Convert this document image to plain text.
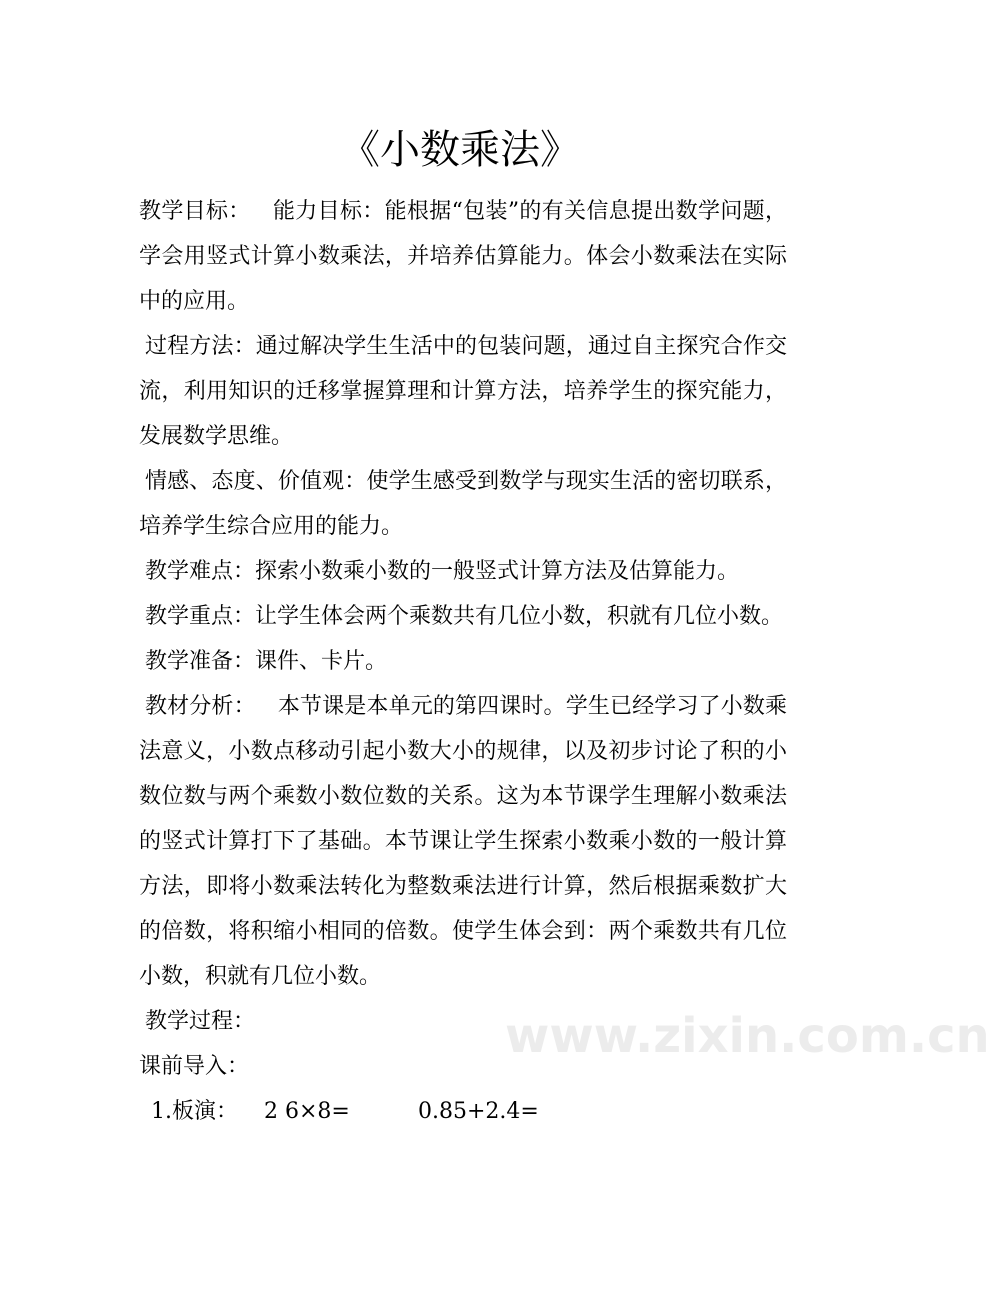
《小数乘法》

教学目标： 能力目标：能根据“包装”的有关信息提出数学问题，学会用竖式计算小数乘法，并培养估算能力。体会小数乘法在实际中的应用。

过程方法：通过解决学生生活中的包装问题，通过自主探究合作交流，利用知识的迁移掌握算理和计算方法，培养学生的探究能力，发展数学思维。

情感、态度、价值观：使学生感受到数学与现实生活的密切联系，培养学生综合应用的能力。

教学难点：探索小数乘小数的一般竖式计算方法及估算能力。

教学重点：让学生体会两个乘数共有几位小数，积就有几位小数。

教学准备：课件、卡片。

教材分析： 本节课是本单元的第四课时。学生已经学习了小数乘法意义，小数点移动引起小数大小的规律，以及初步讨论了积的小数位数与两个乘数小数位数的关系。这为本节课学生理解小数乘法的竖式计算打下了基础。本节课让学生探索小数乘小数的一般计算方法，即将小数乘法转化为整数乘法进行计算，然后根据乘数扩大的倍数，将积缩小相同的倍数。使学生体会到：两个乘数共有几位小数，积就有几位小数。

教学过程：

课前导入：

1.板演： 2 6×8=	0.85+2.4=

www.zixin.com.cn
